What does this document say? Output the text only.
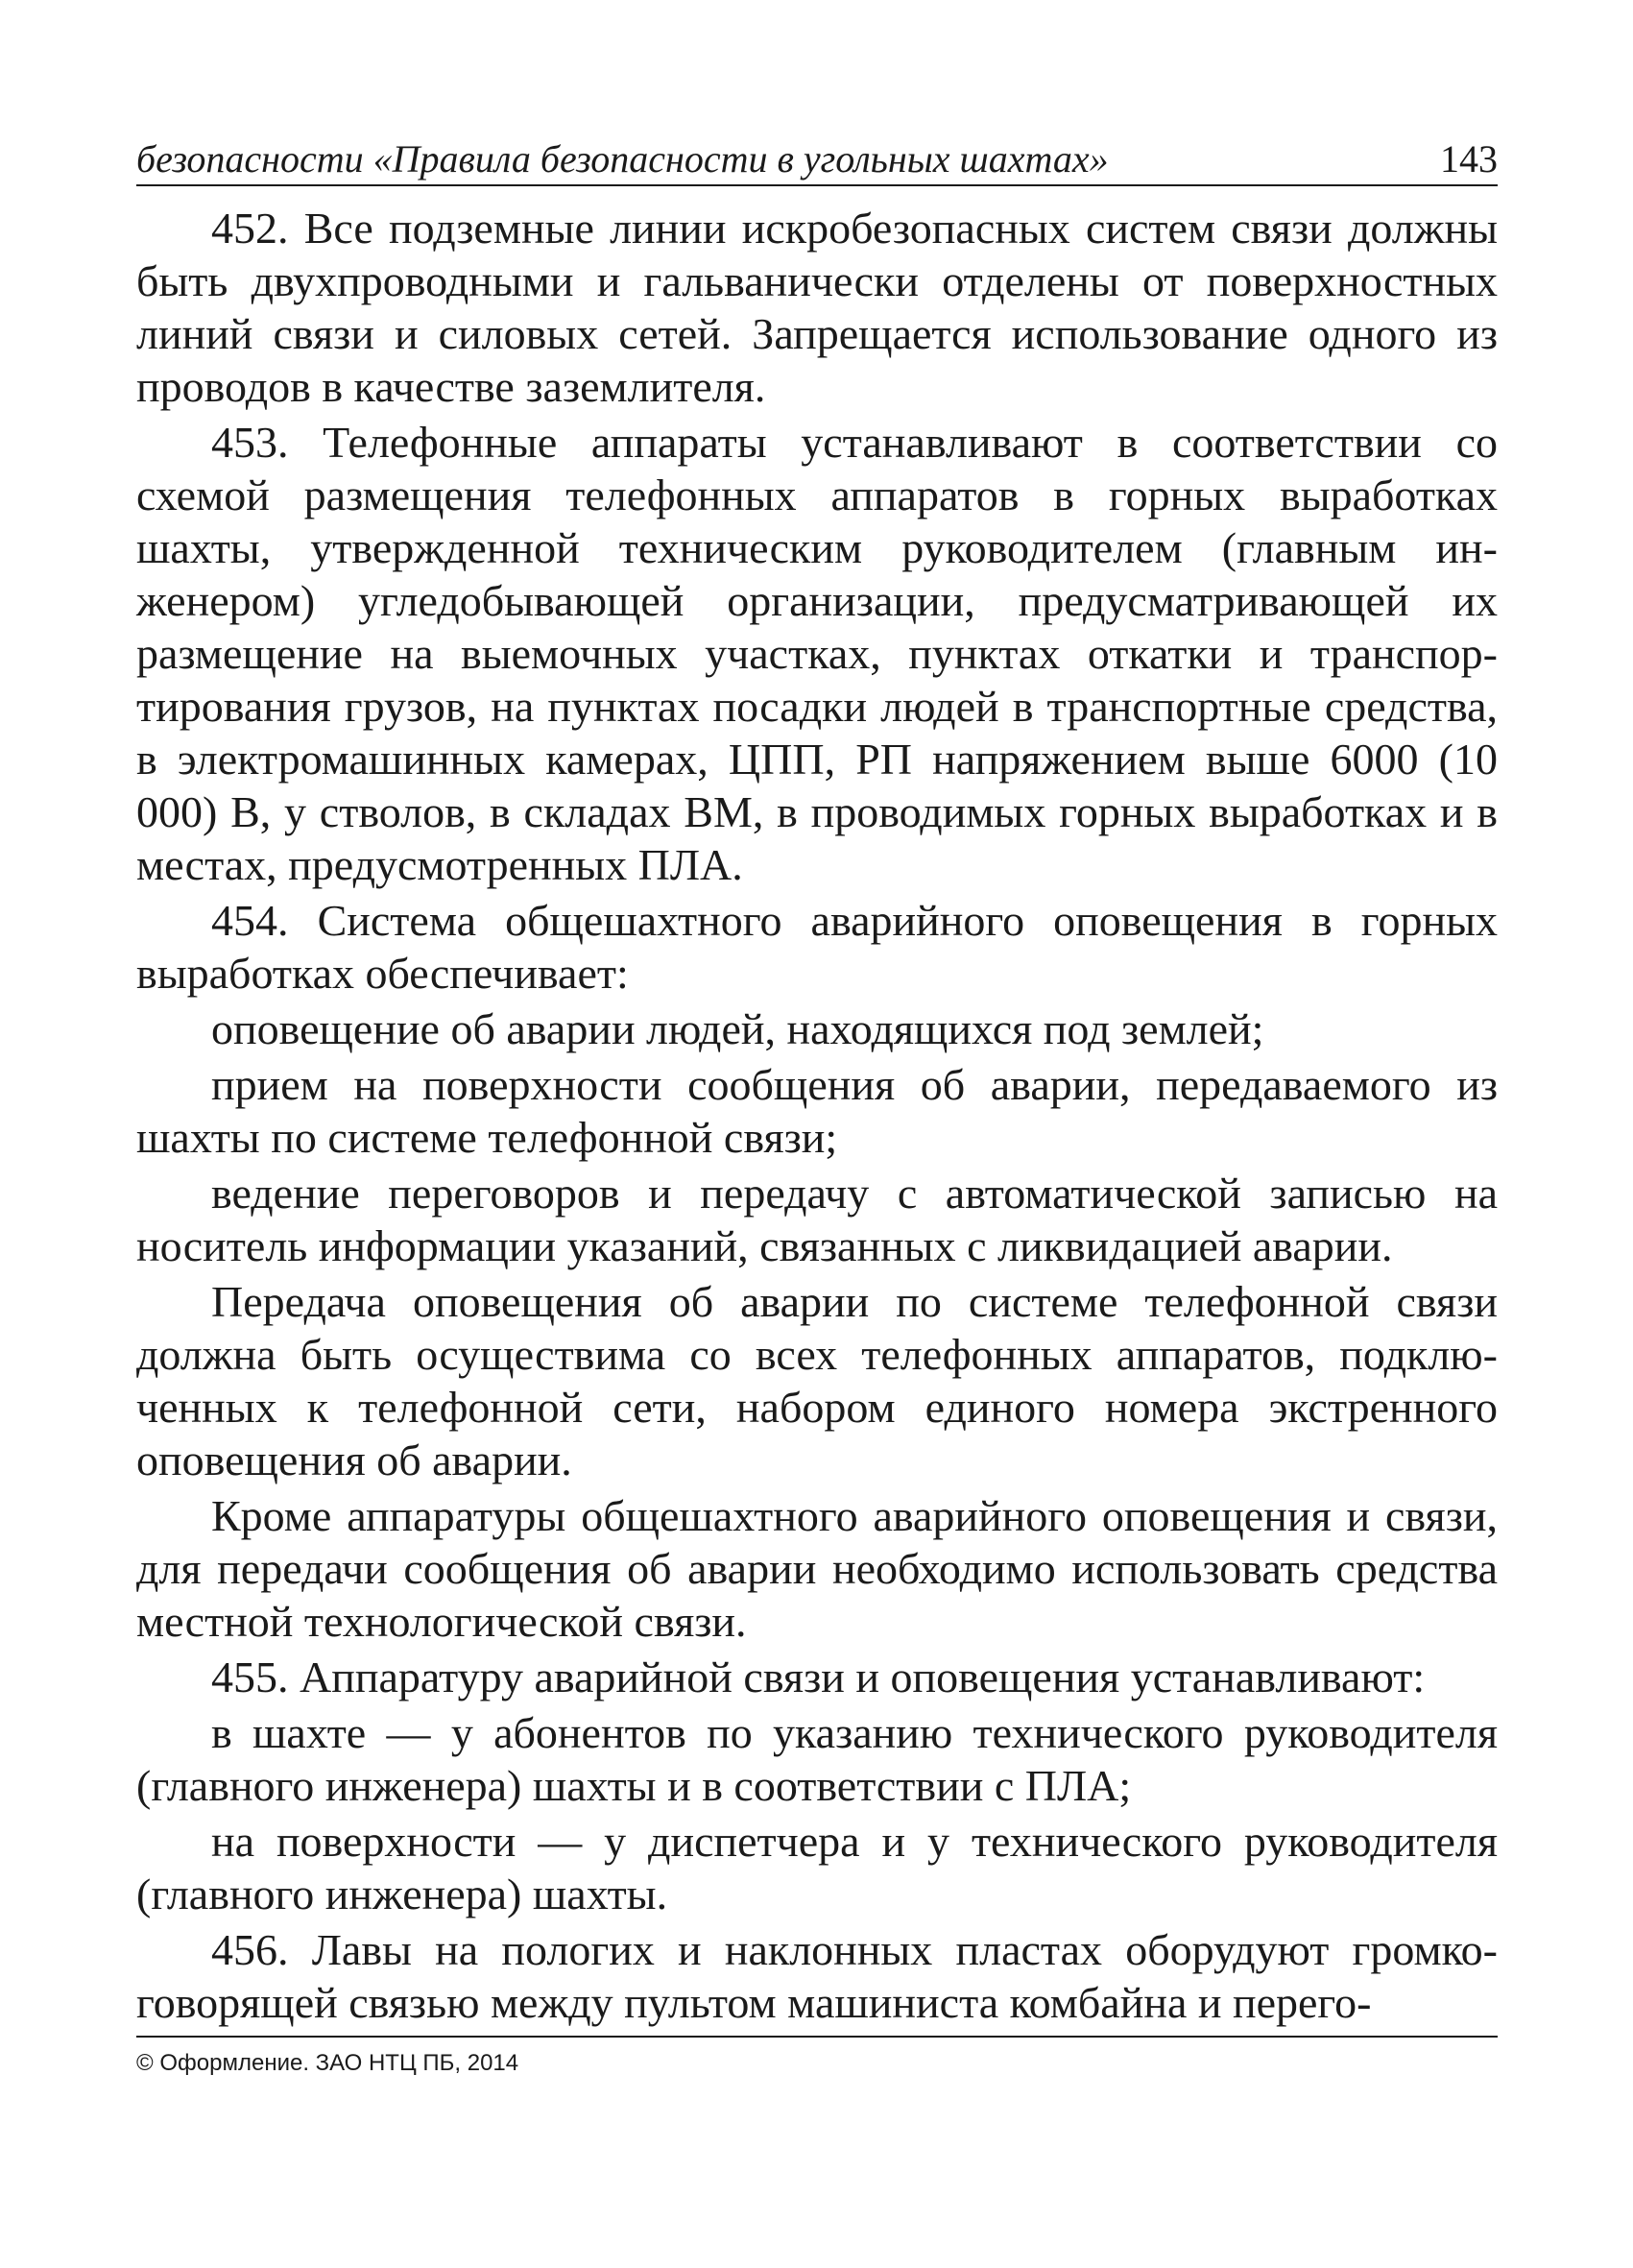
безопасности «Правила безопасности в угольных шахтах»	143

452. Все подземные линии искробезопасных систем связи должны быть двухпроводными и гальванически отделены от поверхностных линий связи и силовых сетей. Запрещается использование одного из проводов в качестве заземлителя.

453. Телефонные аппараты устанавливают в соответствии со схемой размещения телефонных аппаратов в горных выработках шахты, утвержденной техническим руководителем (главным инженером) угледобывающей организации, предусматривающей их размещение на выемочных участках, пунктах откатки и транспортирования грузов, на пунктах посадки людей в транспортные средства, в электромашинных камерах, ЦПП, РП напряжением выше 6000 (10 000) В, у стволов, в складах ВМ, в проводимых горных выработках и в местах, предусмотренных ПЛА.

454. Система общешахтного аварийного оповещения в горных выработках обеспечивает:

оповещение об аварии людей, находящихся под землей;

прием на поверхности сообщения об аварии, передаваемого из шахты по системе телефонной связи;

ведение переговоров и передачу с автоматической записью на носитель информации указаний, связанных с ликвидацией аварии.

Передача оповещения об аварии по системе телефонной связи должна быть осуществима со всех телефонных аппаратов, подключенных к телефонной сети, набором единого номера экстренного оповещения об аварии.

Кроме аппаратуры общешахтного аварийного оповещения и связи, для передачи сообщения об аварии необходимо использовать средства местной технологической связи.

455. Аппаратуру аварийной связи и оповещения устанавливают:

в шахте — у абонентов по указанию технического руководителя (главного инженера) шахты и в соответствии с ПЛА;

на поверхности — у диспетчера и у технического руководителя (главного инженера) шахты.

456. Лавы на пологих и наклонных пластах оборудуют громкоговорящей связью между пультом машиниста комбайна и перего-

© Оформление. ЗАО НТЦ ПБ, 2014
